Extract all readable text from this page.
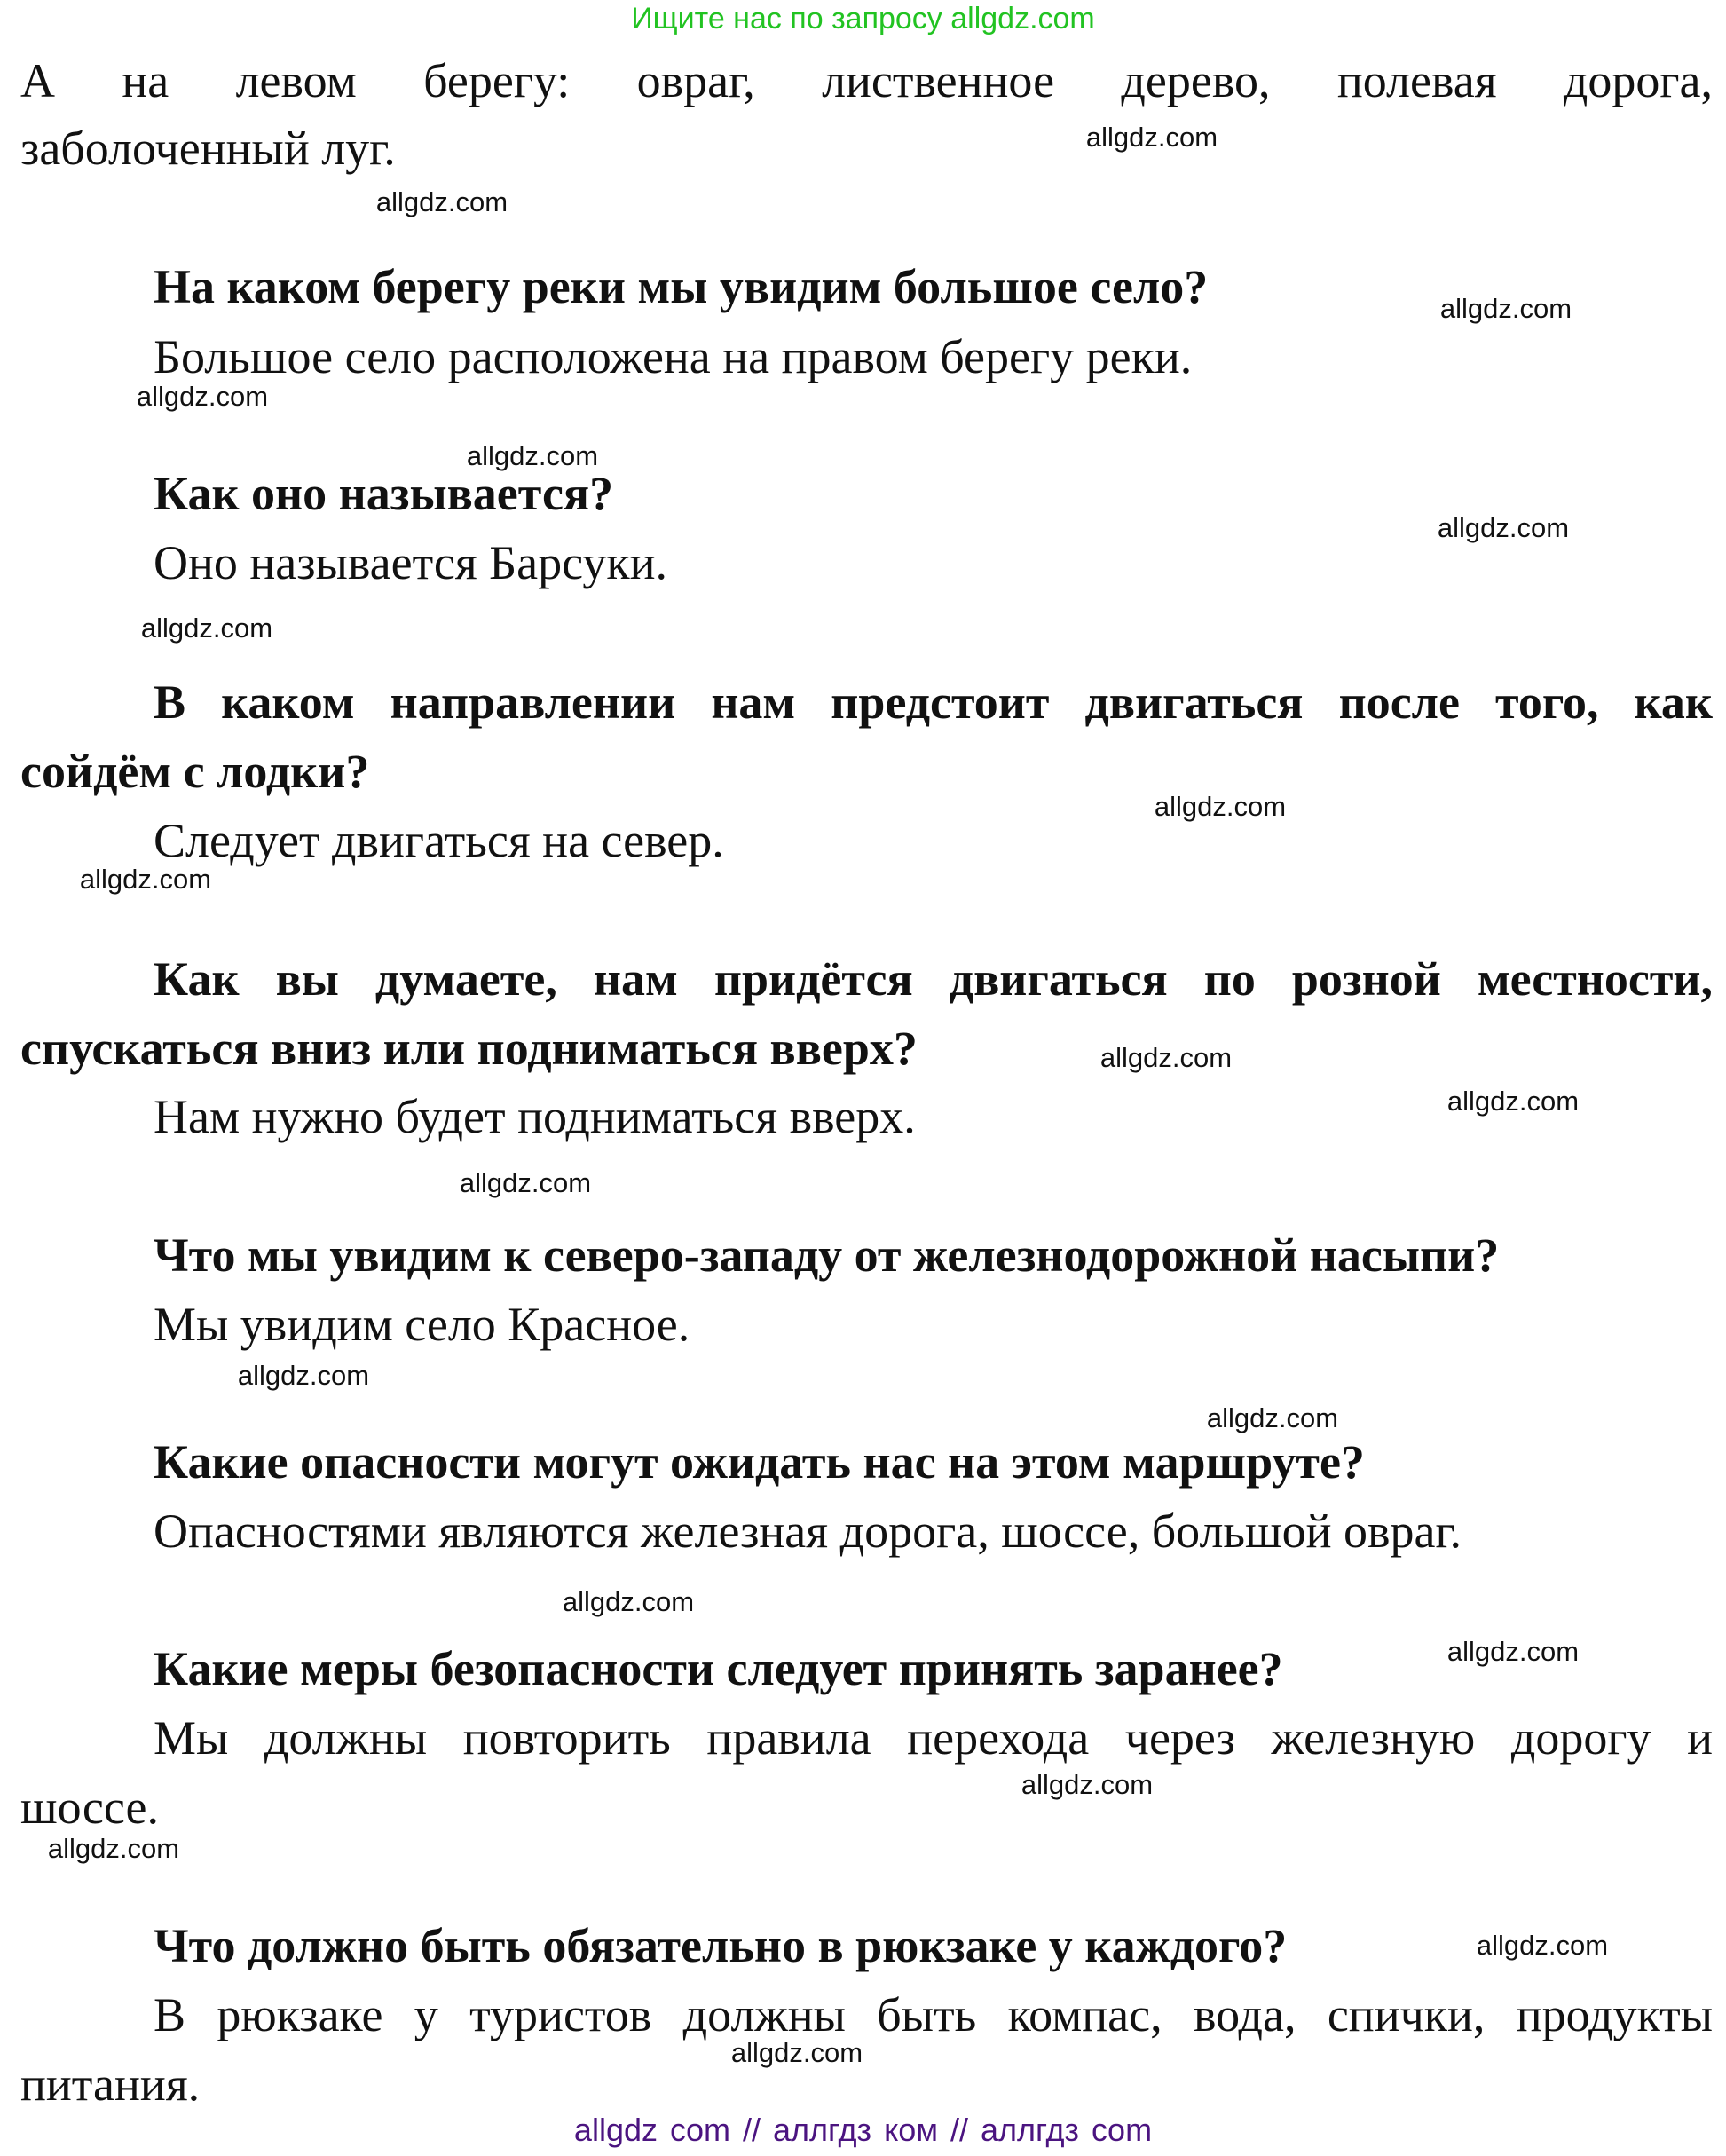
Ищите нас по запросу allgdz.com
А на левом берегу: овраг, лиственное дерево, полевая дорога,
заболоченный луг.
На каком берегу реки мы увидим большое село?
Большое село расположена на правом берегу реки.
Как оно называется?
Оно называется Барсуки.
В каком направлении нам предстоит двигаться после того, как
сойдём с лодки?
Следует двигаться на север.
Как вы думаете, нам придётся двигаться по розной местности,
спускаться вниз или подниматься вверх?
Нам нужно будет подниматься вверх.
Что мы увидим к северо-западу от железнодорожной насыпи?
Мы увидим село Красное.
Какие опасности могут ожидать нас на этом маршруте?
Опасностями являются железная дорога, шоссе, большой овраг.
Какие меры безопасности следует принять заранее?
Мы должны повторить правила перехода через железную дорогу и
шоссе.
Что должно быть обязательно в рюкзаке у каждого?
В рюкзаке у туристов должны быть компас, вода, спички, продукты
питания.
allgdz.com
allgdz.com
allgdz.com
allgdz.com
allgdz.com
allgdz.com
allgdz.com
allgdz.com
allgdz.com
allgdz.com
allgdz.com
allgdz.com
allgdz.com
allgdz.com
allgdz.com
allgdz.com
allgdz.com
allgdz.com
allgdz.com
allgdz.com
allgdz com // аллгдз ком // аллгдз com
